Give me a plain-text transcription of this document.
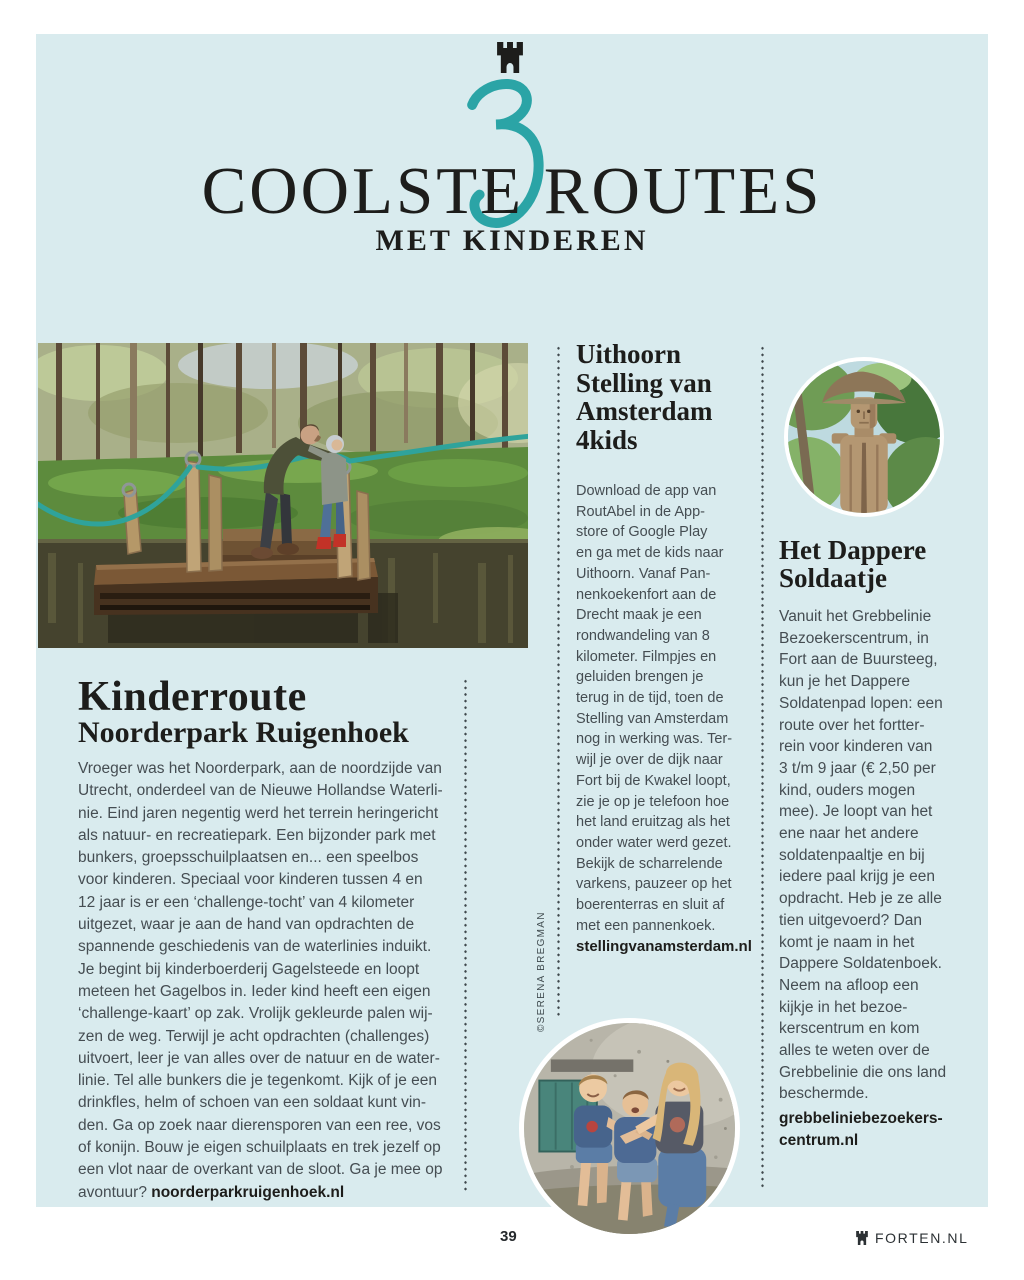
COOLSTE ROUTES
MET KINDEREN
Kinderroute
Noorderpark Ruigenhoek
Vroeger was het Noorderpark, aan de noordzijde van
Utrecht, onderdeel van de Nieuwe Hollandse Waterli-
nie. Eind jaren negentig werd het terrein heringericht
als natuur- en recreatiepark. Een bijzonder park met
bunkers, groepsschuilplaatsen en... een speelbos
voor kinderen. Speciaal voor kinderen tussen 4 en
12 jaar is er een ‘challenge-tocht’ van 4 kilometer
uitgezet, waar je aan de hand van opdrachten de
spannende geschiedenis van de waterlinies induikt.
Je begint bij kinderboerderij Gagelsteede en loopt
meteen het Gagelbos in. Ieder kind heeft een eigen
‘challenge-kaart’ op zak. Vrolijk gekleurde palen wij-
zen de weg. Terwijl je acht opdrachten (challenges)
uitvoert, leer je van alles over de natuur en de water-
linie. Tel alle bunkers die je tegenkomt. Kijk of je een
drinkfles, helm of schoen van een soldaat kunt vin-
den. Ga op zoek naar dierensporen van een ree, vos
of konijn. Bouw je eigen schuilplaats en trek jezelf op
een vlot naar de overkant van de sloot. Ga je mee op
avontuur? noorderparkruigenhoek.nl
©SERENA BREGMAN
Uithoorn
Stelling van
Amsterdam
4kids
Download de app van
RoutAbel in de App-
store of Google Play
en ga met de kids naar
Uithoorn. Vanaf Pan-
nenkoekenfort aan de
Drecht maak je een
rondwandeling van 8
kilometer. Filmpjes en
geluiden brengen je
terug in de tijd, toen de
Stelling van Amsterdam
nog in werking was. Ter-
wijl je over de dijk naar
Fort bij de Kwakel loopt,
zie je op je telefoon hoe
het land eruitzag als het
onder water werd gezet.
Bekijk de scharrelende
varkens, pauzeer op het
boerenterras en sluit af
met een pannenkoek.
stellingvanamsterdam.nl
Het Dappere
Soldaatje
Vanuit het Grebbelinie
Bezoekerscentrum, in
Fort aan de Buursteeg,
kun je het Dappere
Soldatenpad lopen: een
route over het fortter-
rein voor kinderen van
3 t/m 9 jaar (€ 2,50 per
kind, ouders mogen
mee). Je loopt van het
ene naar het andere
soldatenpaaltje en bij
iedere paal krijg je een
opdracht. Heb je ze alle
tien uitgevoerd? Dan
komt je naam in het
Dappere Soldatenboek.
Neem na afloop een
kijkje in het bezoe-
kerscentrum en kom
alles te weten over de
Grebbelinie die ons land
beschermde.
grebbeliniebezoekers-
centrum.nl
39	FORTEN.NL
